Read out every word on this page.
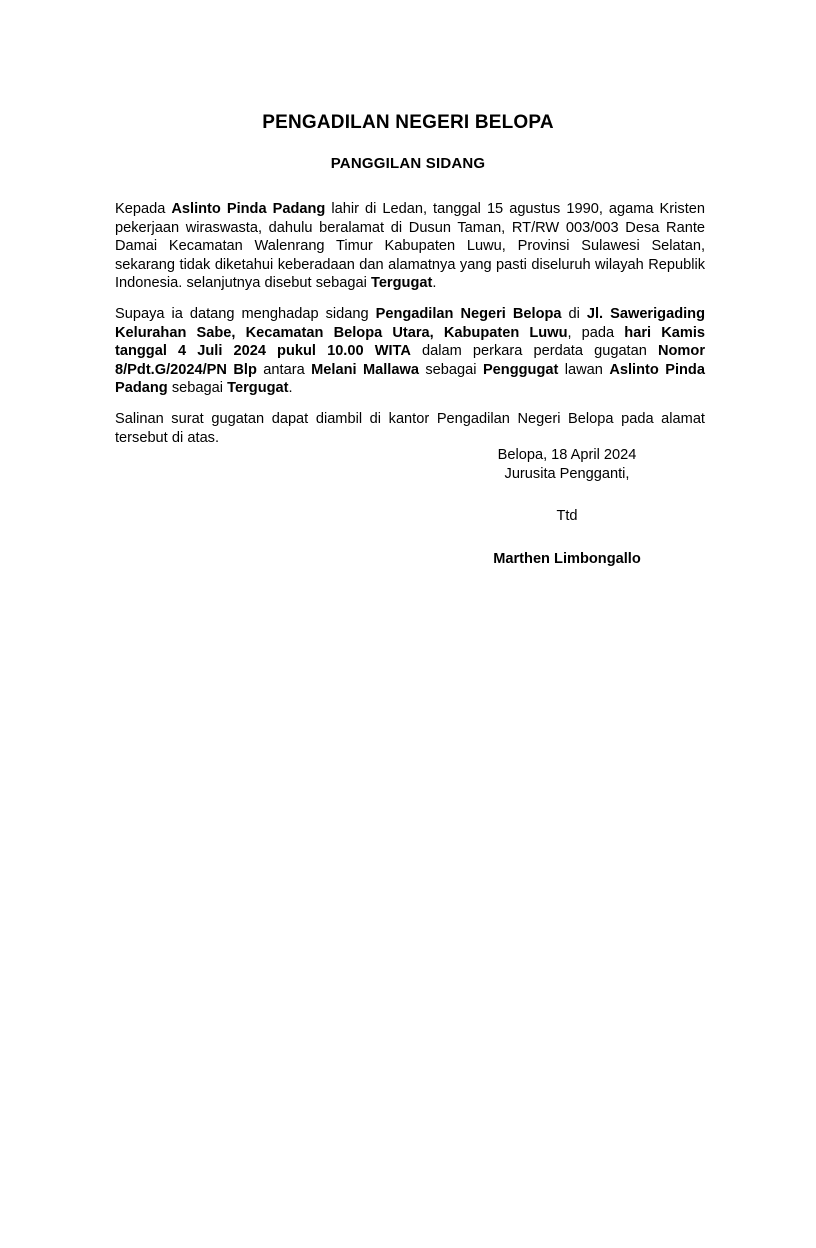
PENGADILAN NEGERI BELOPA
PANGGILAN SIDANG

Kepada Aslinto Pinda Padang lahir di Ledan, tanggal 15 agustus 1990, agama Kristen pekerjaan wiraswasta, dahulu beralamat di Dusun Taman, RT/RW 003/003 Desa Rante Damai Kecamatan Walenrang Timur Kabupaten Luwu, Provinsi Sulawesi Selatan, sekarang tidak diketahui keberadaan dan alamatnya yang pasti diseluruh wilayah Republik Indonesia. selanjutnya disebut sebagai Tergugat.

Supaya ia datang menghadap sidang Pengadilan Negeri Belopa di Jl. Sawerigading Kelurahan Sabe, Kecamatan Belopa Utara, Kabupaten Luwu, pada hari Kamis tanggal 4 Juli 2024 pukul 10.00 WITA dalam perkara perdata gugatan Nomor 8/Pdt.G/2024/PN Blp antara Melani Mallawa sebagai Penggugat lawan Aslinto Pinda Padang sebagai Tergugat.

Salinan surat gugatan dapat diambil di kantor Pengadilan Negeri Belopa pada alamat tersebut di atas.

Belopa, 18 April 2024
Jurusita Pengganti,
Ttd
Marthen Limbongallo
